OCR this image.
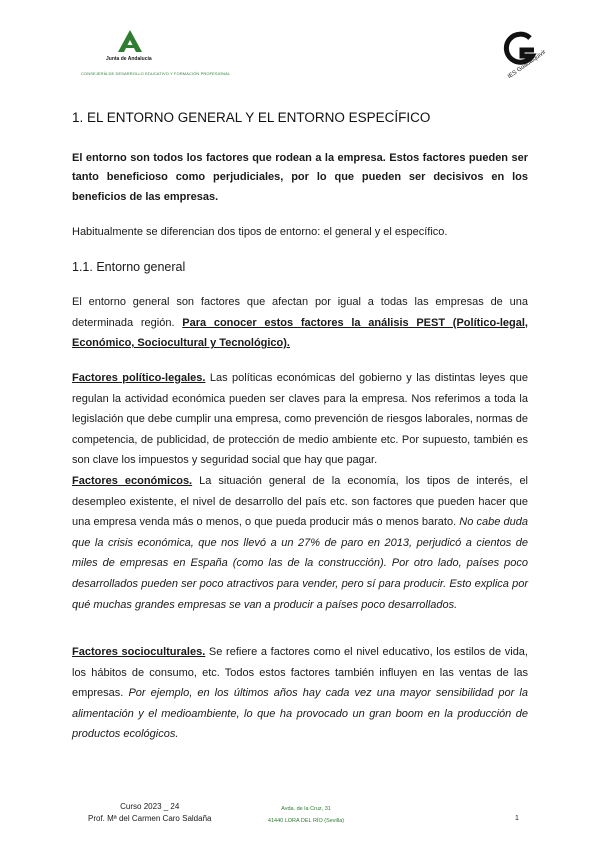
Junta de Andalucía
CONSEJERÍA DE DESARROLLO EDUCATIVO Y FORMACIÓN PROFESIONAL	IES Guadalquivir
1. EL ENTORNO GENERAL Y EL ENTORNO ESPECÍFICO

El entorno son todos los factores que rodean a la empresa. Estos factores pueden ser tanto beneficioso como perjudiciales, por lo que pueden ser decisivos en los beneficios de las empresas.

Habitualmente se diferencian dos tipos de entorno: el general y el específico.

1.1. Entorno general

El entorno general son factores que afectan por igual a todas las empresas de una determinada región. Para conocer estos factores la análisis PEST (Político-legal, Económico, Sociocultural y Tecnológico).

Factores político-legales. Las políticas económicas del gobierno y las distintas leyes que regulan la actividad económica pueden ser claves para la empresa. Nos referimos a toda la legislación que debe cumplir una empresa, como prevención de riesgos laborales, normas de competencia, de publicidad, de protección de medio ambiente etc. Por supuesto, también es son clave los impuestos y seguridad social que hay que pagar.
Factores económicos. La situación general de la economía, los tipos de interés, el desempleo existente, el nivel de desarrollo del país etc. son factores que pueden hacer que una empresa venda más o menos, o que pueda producir más o menos barato. No cabe duda que la crisis económica, que nos llevó a un 27% de paro en 2013, perjudicó a cientos de miles de empresas en España (como las de la construcción). Por otro lado, países poco desarrollados pueden ser poco atractivos para vender, pero sí para producir. Esto explica por qué muchas grandes empresas se van a producir a países poco desarrollados.

Factores socioculturales. Se refiere a factores como el nivel educativo, los estilos de vida, los hábitos de consumo, etc. Todos estos factores también influyen en las ventas de las empresas. Por ejemplo, en los últimos años hay cada vez una mayor sensibilidad por la alimentación y el medioambiente, lo que ha provocado un gran boom en la producción de productos ecológicos.

Curso 2023 _ 24
Prof. Mª del Carmen Caro Saldaña
Avda. de la Cruz, 31
41440 LORA DEL RÍO (Sevilla)	1
